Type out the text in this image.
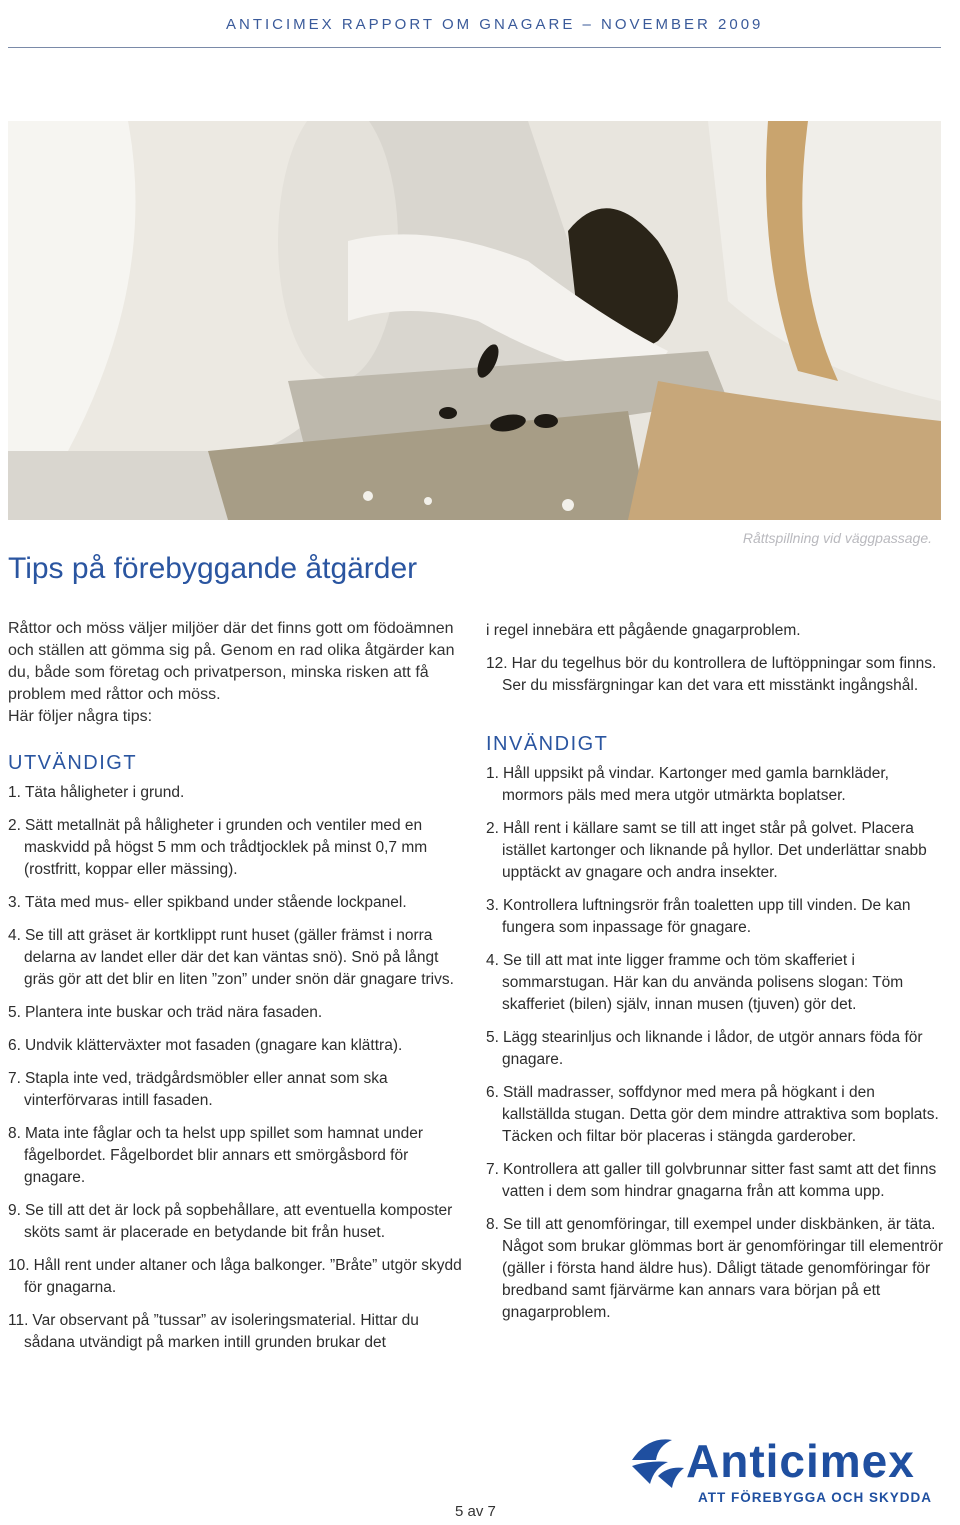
ANTICIMEX RAPPORT OM GNAGARE – NOVEMBER 2009
Råttspillning vid väggpassage.
Tips på förebyggande åtgärder

Råttor och möss väljer miljöer där det finns gott om födoämnen och ställen att gömma sig på. Genom en rad olika åtgärder kan du, både som företag och privatperson, minska risken att få problem med råttor och möss.

Här följer några tips:

UTVÄNDIGT
1. Täta håligheter i grund.
2. Sätt metallnät på håligheter i grunden och ventiler med en maskvidd på högst 5 mm och trådtjocklek på minst 0,7 mm (rostfritt, koppar eller mässing).
3. Täta med mus- eller spikband under stående lockpanel.
4. Se till att gräset är kortklippt runt huset (gäller främst i norra delarna av landet eller där det kan väntas snö). Snö på långt gräs gör att det blir en liten ”zon” under snön där gnagare trivs.
5. Plantera inte buskar och träd nära fasaden.
6. Undvik klätterväxter mot fasaden (gnagare kan klättra).
7. Stapla inte ved, trädgårdsmöbler eller annat som ska vinterförvaras intill fasaden.
8. Mata inte fåglar och ta helst upp spillet som hamnat under fågelbordet. Fågelbordet blir annars ett smörgåsbord för gnagare.
9. Se till att det är lock på sopbehållare, att eventuella komposter sköts samt är placerade en betydande bit från huset.
10. Håll rent under altaner och låga balkonger. ”Bråte” utgör skydd för gnagarna.
11. Var observant på ”tussar” av isoleringsmaterial. Hittar du sådana utvändigt på marken intill grunden brukar det
i regel innebära ett pågående gnagarproblem.
12. Har du tegelhus bör du kontrollera de luftöppningar som finns. Ser du missfärgningar kan det vara ett misstänkt ingångshål.
INVÄNDIGT
1. Håll uppsikt på vindar. Kartonger med gamla barnkläder, mormors päls med mera utgör utmärkta boplatser.
2. Håll rent i källare samt se till att inget står på golvet. Placera istället kartonger och liknande på hyllor. Det underlättar snabb upptäckt av gnagare och andra insekter.
3. Kontrollera luftningsrör från toaletten upp till vinden. De kan fungera som inpassage för gnagare.
4. Se till att mat inte ligger framme och töm skafferiet i sommarstugan. Här kan du använda polisens slogan: Töm skafferiet (bilen) själv, innan musen (tjuven) gör det.
5. Lägg stearinljus och liknande i lådor, de utgör annars föda för gnagare.
6. Ställ madrasser, soffdynor med mera på högkant i den kallställda stugan. Detta gör dem mindre attraktiva som boplats. Täcken och filtar bör placeras i stängda garderober.
7. Kontrollera att galler till golvbrunnar sitter fast samt att det finns vatten i dem som hindrar gnagarna från att komma upp.
8. Se till att genomföringar, till exempel under diskbänken, är täta. Något som brukar glömmas bort är genomföringar till elementrör (gäller i första hand äldre hus). Dåligt tätade genomföringar för bredband samt fjärvärme kan annars vara början på ett gnagarproblem.
5 av 7
Anticimex
ATT FÖREBYGGA OCH SKYDDA
